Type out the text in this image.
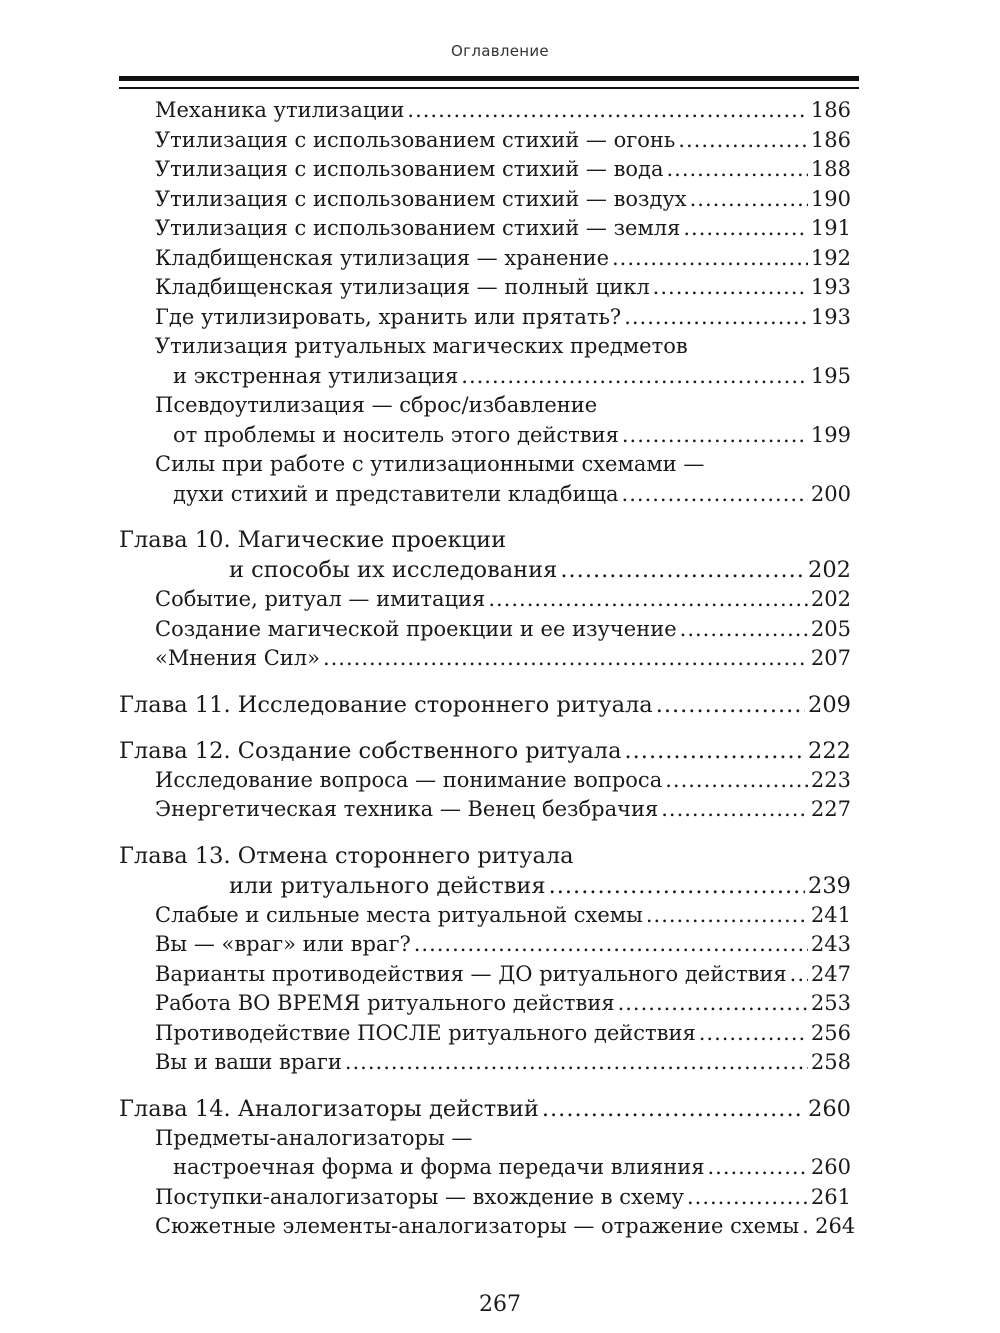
Оглавление
Механика утилизации .....	186
Утилизация с использованием стихий — огонь .....	186
Утилизация с использованием стихий — вода .....	188
Утилизация с использованием стихий — воздух .....	190
Утилизация с использованием стихий — земля .....	191
Кладбищенская утилизация — хранение .....	192
Кладбищенская утилизация — полный цикл .....	193
Где утилизировать, хранить или прятать? .....	193
Утилизация ритуальных магических предметов
и экстренная утилизация .....	195
Псевдоутилизация — сброс/избавление
от проблемы и носитель этого действия .....	199
Силы при работе с утилизационными схемами —
духи стихий и представители кладбища .....	200
Глава 10. Магические проекции
и способы их исследования .....	202
Событие, ритуал — имитация .....	202
Создание магической проекции и ее изучение .....	205
«Мнения Сил» .....	207
Глава 11. Исследование стороннего ритуала .....	209
Глава 12. Создание собственного ритуала .....	222
Исследование вопроса — понимание вопроса .....	223
Энергетическая техника — Венец безбрачия .....	227
Глава 13. Отмена стороннего ритуала
или ритуального действия .....	239
Слабые и сильные места ритуальной схемы .....	241
Вы — «враг» или враг? .....	243
Варианты противодействия — ДО ритуального действия ..... 247
Работа ВО ВРЕМЯ ритуального действия .....	253
Противодействие ПОСЛЕ ритуального действия .....	256
Вы и ваши враги .....	258
Глава 14. Аналогизаторы действий .....	260
Предметы-аналогизаторы —
настроечная форма и форма передачи влияния .....	260
Поступки-аналогизаторы — вхождение в схему .....	261
Сюжетные элементы-аналогизаторы — отражение схемы ..... 264
267
